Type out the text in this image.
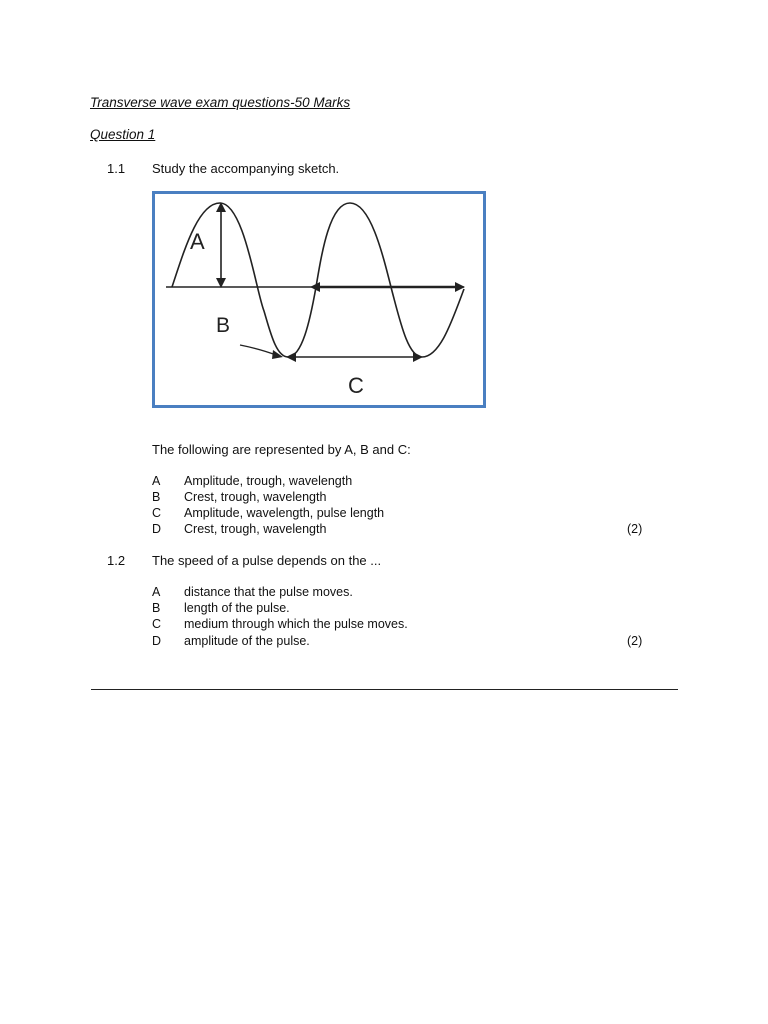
Transverse wave exam questions-50 Marks
Question 1
1.1 Study the accompanying sketch.
A
B
C
The following are represented by A, B and C:
A Amplitude, trough, wavelength
B Crest, trough, wavelength
C Amplitude, wavelength, pulse length
D Crest, trough, wavelength	(2)
1.2 The speed of a pulse depends on the ...
A distance that the pulse moves.
B length of the pulse.
C medium through which the pulse moves.
D amplitude of the pulse.	(2)
